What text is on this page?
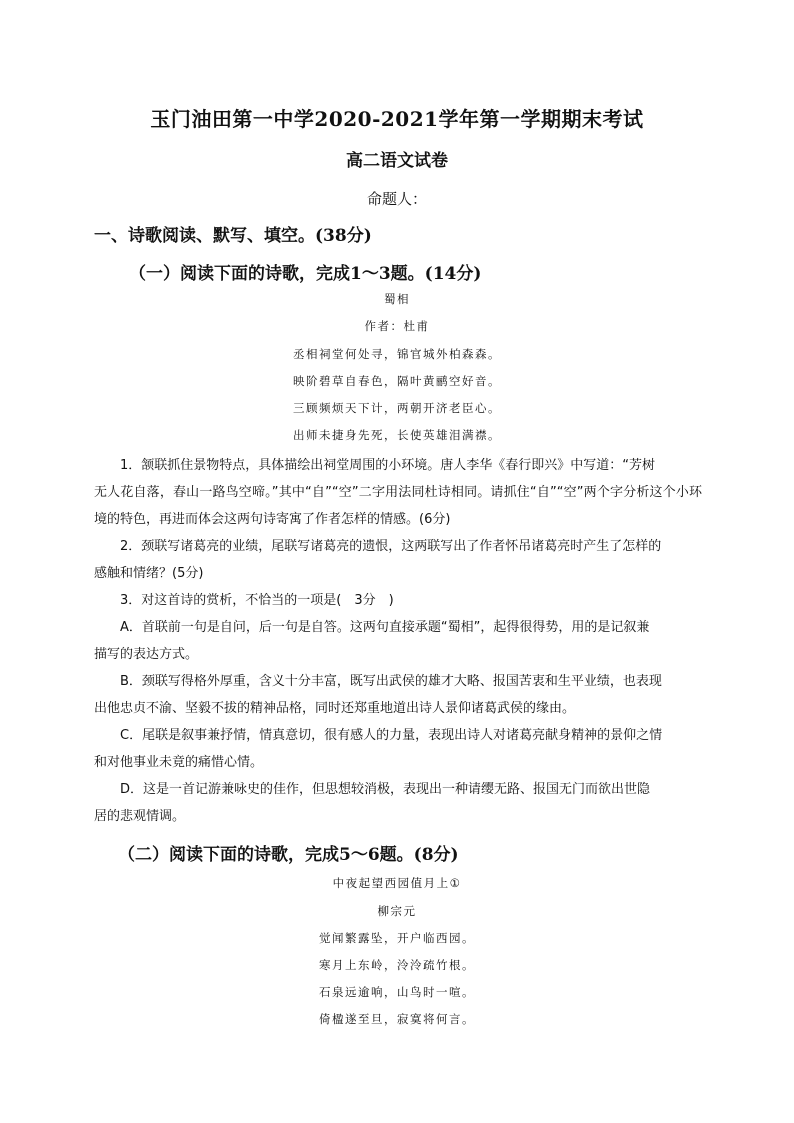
玉门油田第一中学2020-2021学年第一学期期末考试
高二语文试卷
命题人：
一、诗歌阅读、默写、填空。(38分)
（一）阅读下面的诗歌，完成1～3题。(14分)
蜀相
作者：杜甫
丞相祠堂何处寻，锦官城外柏森森。
映阶碧草自春色，隔叶黄鹂空好音。
三顾频烦天下计，两朝开济老臣心。
出师未捷身先死，长使英雄泪满襟。
1．颔联抓住景物特点，具体描绘出祠堂周围的小环境。唐人李华《春行即兴》中写道：“芳树
无人花自落，春山一路鸟空啼。”其中“自”“空”二字用法同杜诗相同。请抓住“自”“空”两个字分析这个小环境的特色，再进而体会这两句诗寄寓了作者怎样的情感。(6分)
2．颈联写诸葛亮的业绩，尾联写诸葛亮的遗恨，这两联写出了作者怀吊诸葛亮时产生了怎样的
感触和情绪？(5分)
3．对这首诗的赏析，不恰当的一项是(　3分　)
A．首联前一句是自问，后一句是自答。这两句直接承题“蜀相”，起得很得势，用的是记叙兼
描写的表达方式。
B．颈联写得格外厚重，含义十分丰富，既写出武侯的雄才大略、报国苦衷和生平业绩，也表现
出他忠贞不渝、坚毅不拔的精神品格，同时还郑重地道出诗人景仰诸葛武侯的缘由。
C．尾联是叙事兼抒情，情真意切，很有感人的力量，表现出诗人对诸葛亮献身精神的景仰之情
和对他事业未竟的痛惜心情。
D．这是一首记游兼咏史的佳作，但思想较消极，表现出一种请缨无路、报国无门而欲出世隐
居的悲观情调。
（二）阅读下面的诗歌，完成5～6题。(8分)
中夜起望西园值月上①
柳宗元
觉闻繁露坠，开户临西园。
寒月上东岭，泠泠疏竹根。
石泉远逾响，山鸟时一喧。
倚楹遂至旦，寂寞将何言。
